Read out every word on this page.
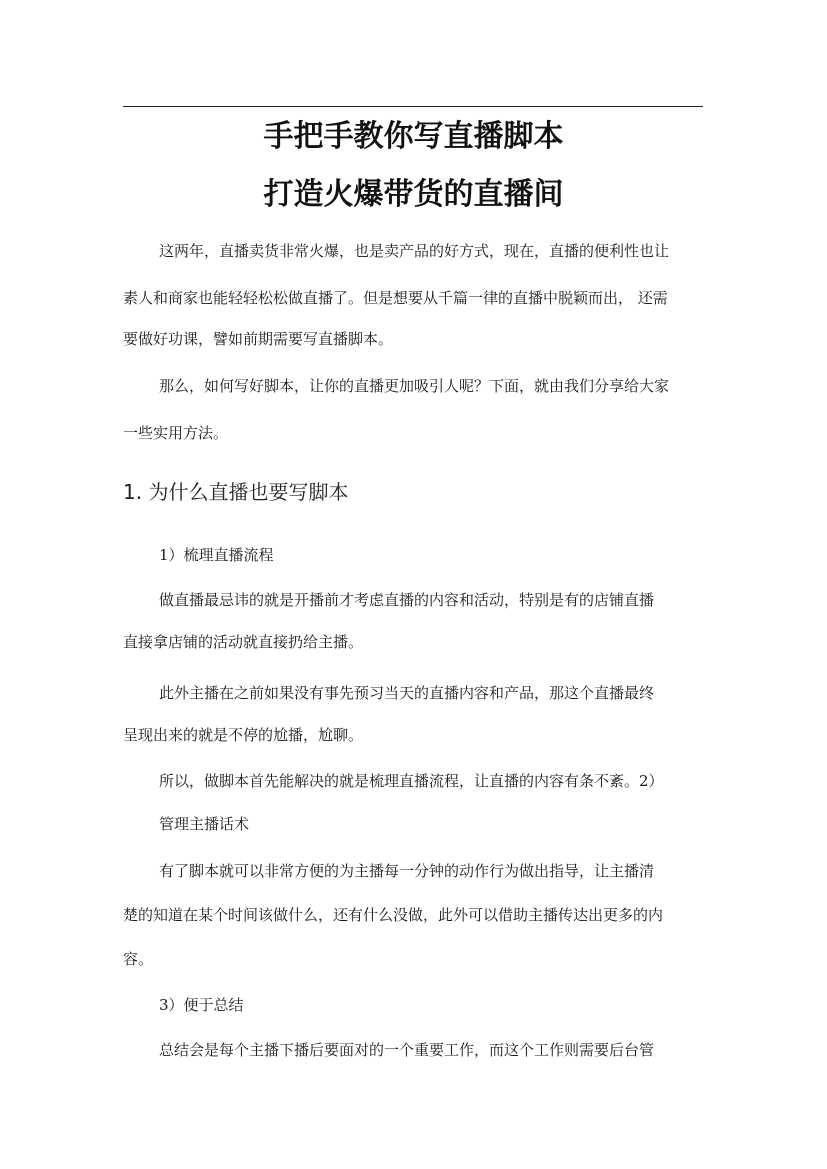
手把手教你写直播脚本
打造火爆带货的直播间
这两年，直播卖货非常火爆，也是卖产品的好方式，现在，直播的便利性也让
素人和商家也能轻轻松松做直播了。但是想要从千篇一律的直播中脱颖而出， 还需
要做好功课，譬如前期需要写直播脚本。
那么，如何写好脚本，让你的直播更加吸引人呢？下面，就由我们分享给大家
一些实用方法。
1. 为什么直播也要写脚本
1）梳理直播流程
做直播最忌讳的就是开播前才考虑直播的内容和活动，特别是有的店铺直播
直接拿店铺的活动就直接扔给主播。
此外主播在之前如果没有事先预习当天的直播内容和产品，那这个直播最终
呈现出来的就是不停的尬播，尬聊。
所以，做脚本首先能解决的就是梳理直播流程，让直播的内容有条不紊。2）
管理主播话术
有了脚本就可以非常方便的为主播每一分钟的动作行为做出指导，让主播清
楚的知道在某个时间该做什么，还有什么没做，此外可以借助主播传达出更多的内
容。
3）便于总结
总结会是每个主播下播后要面对的一个重要工作，而这个工作则需要后台管
